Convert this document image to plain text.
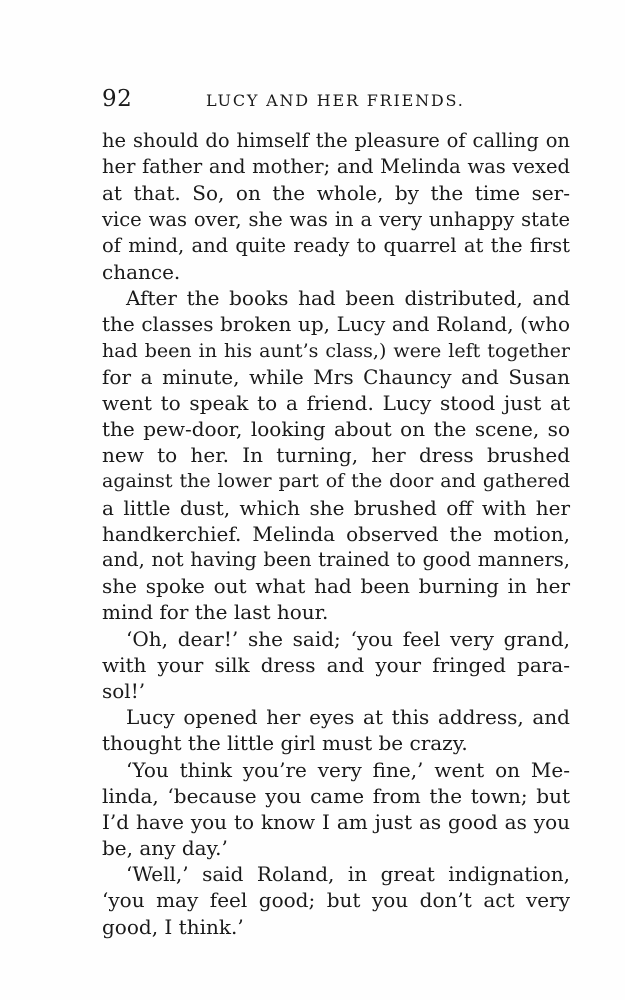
92	LUCY AND HER FRIENDS.
he should do himself the pleasure of calling on
her father and mother; and Melinda was vexed
at that. So, on the whole, by the time ser-
vice was over, she was in a very unhappy state
of mind, and quite ready to quarrel at the first
chance.
After the books had been distributed, and
the classes broken up, Lucy and Roland, (who
had been in his aunt’s class,) were left together
for a minute, while Mrs Chauncy and Susan
went to speak to a friend. Lucy stood just at
the pew-door, looking about on the scene, so
new to her. In turning, her dress brushed
against the lower part of the door and gathered
a little dust, which she brushed off with her
handkerchief. Melinda observed the motion,
and, not having been trained to good manners,
she spoke out what had been burning in her
mind for the last hour.
‘Oh, dear!’ she said; ‘you feel very grand,
with your silk dress and your fringed para-
sol!’
Lucy opened her eyes at this address, and
thought the little girl must be crazy.
‘You think you’re very fine,’ went on Me-
linda, ‘because you came from the town; but
I’d have you to know I am just as good as you
be, any day.’
‘Well,’ said Roland, in great indignation,
‘you may feel good; but you don’t act very
good, I think.’
